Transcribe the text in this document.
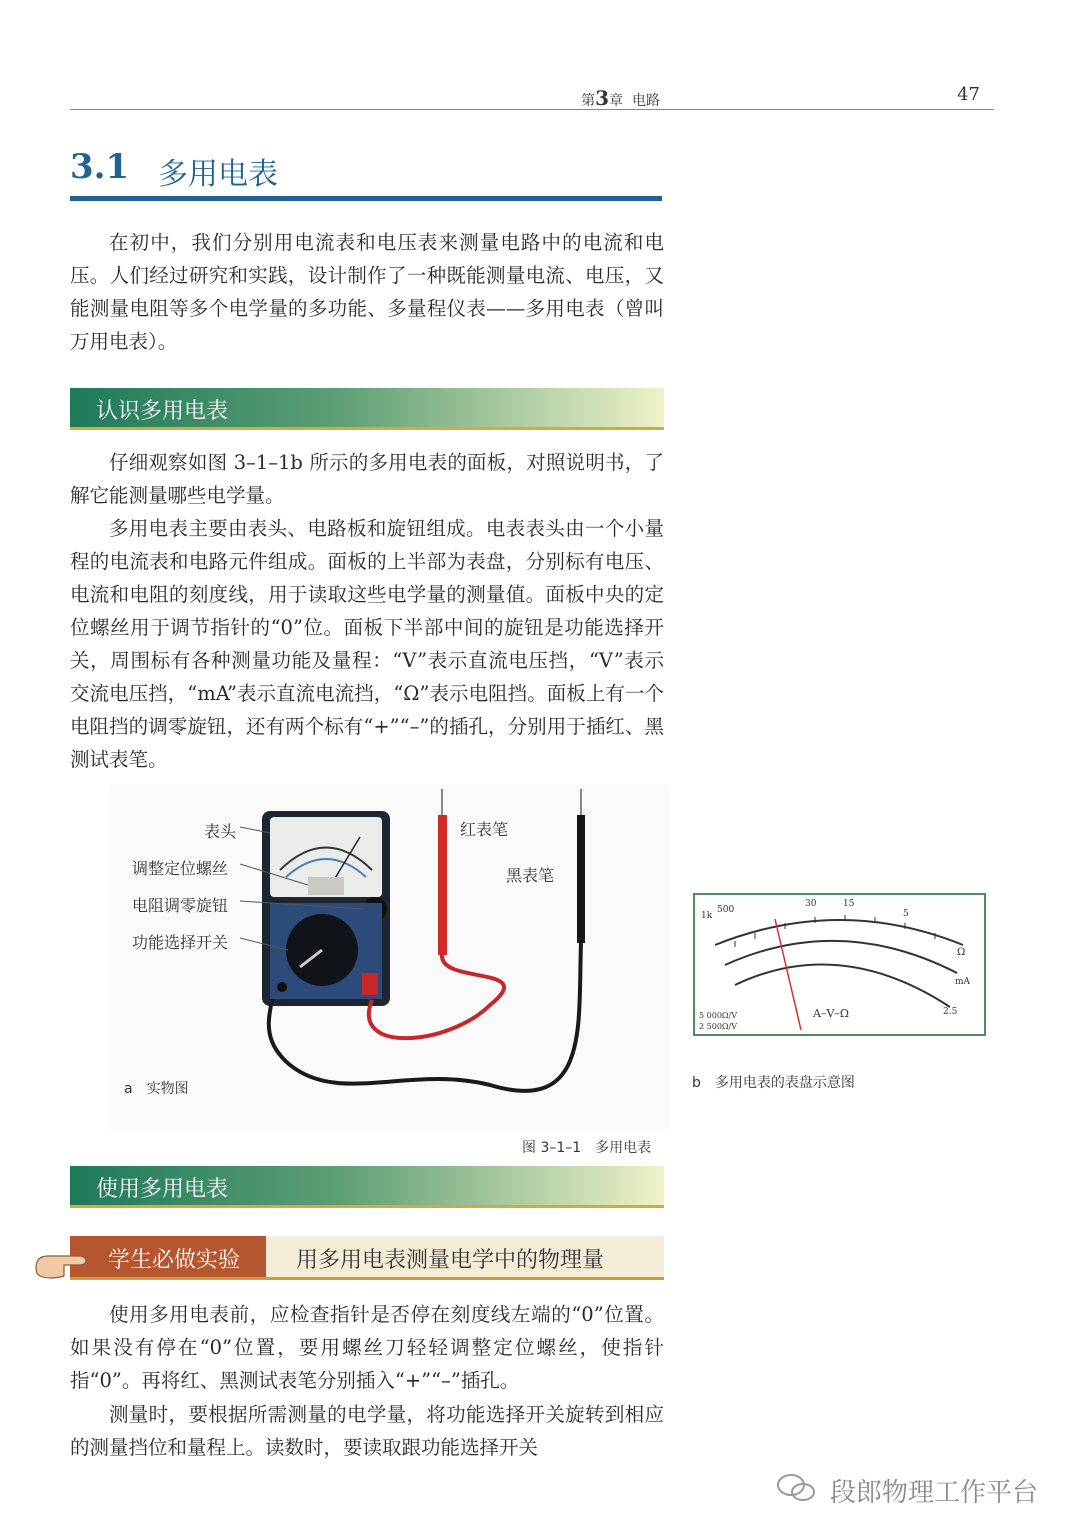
第3章 电路	47
3.1 多用电表

在初中，我们分别用电流表和电压表来测量电路中的电流和电压。人们经过研究和实践，设计制作了一种既能测量电流、电压，又能测量电阻等多个电学量的多功能、多量程仪表——多用电表（曾叫万用电表）。

认识多用电表

仔细观察如图 3–1–1b 所示的多用电表的面板，对照说明书，了解它能测量哪些电学量。

多用电表主要由表头、电路板和旋钮组成。电表表头由一个小量程的电流表和电路元件组成。面板的上半部为表盘，分别标有电压、电流和电阻的刻度线，用于读取这些电学量的测量值。面板中央的定位螺丝用于调节指针的“0”位。面板下半部中间的旋钮是功能选择开关，周围标有各种测量功能及量程：“V”表示直流电压挡，“V”表示交流电压挡，“mA”表示直流电流挡，“Ω”表示电阻挡。面板上有一个电阻挡的调零旋钮，还有两个标有“+”“–”的插孔，分别用于插红、黑测试表笔。

表头
调整定位螺丝
电阻调零旋钮
功能选择开关
红表笔
黑表笔
a　实物图
1k
500
30	15
5
Ω
mA
A–V–Ω
5 000Ω/V
2 500Ω/V
2.5
b　多用电表的表盘示意图
图 3–1–1　多用电表
使用多用电表
学生必做实验	用多用电表测量电学中的物理量

使用多用电表前，应检查指针是否停在刻度线左端的“0”位置。如果没有停在“0”位置，要用螺丝刀轻轻调整定位螺丝，使指针指“0”。再将红、黑测试表笔分别插入“+”“–”插孔。

测量时，要根据所需测量的电学量，将功能选择开关旋转到相应的测量挡位和量程上。读数时，要读取跟功能选择开关

段郎物理工作平台
